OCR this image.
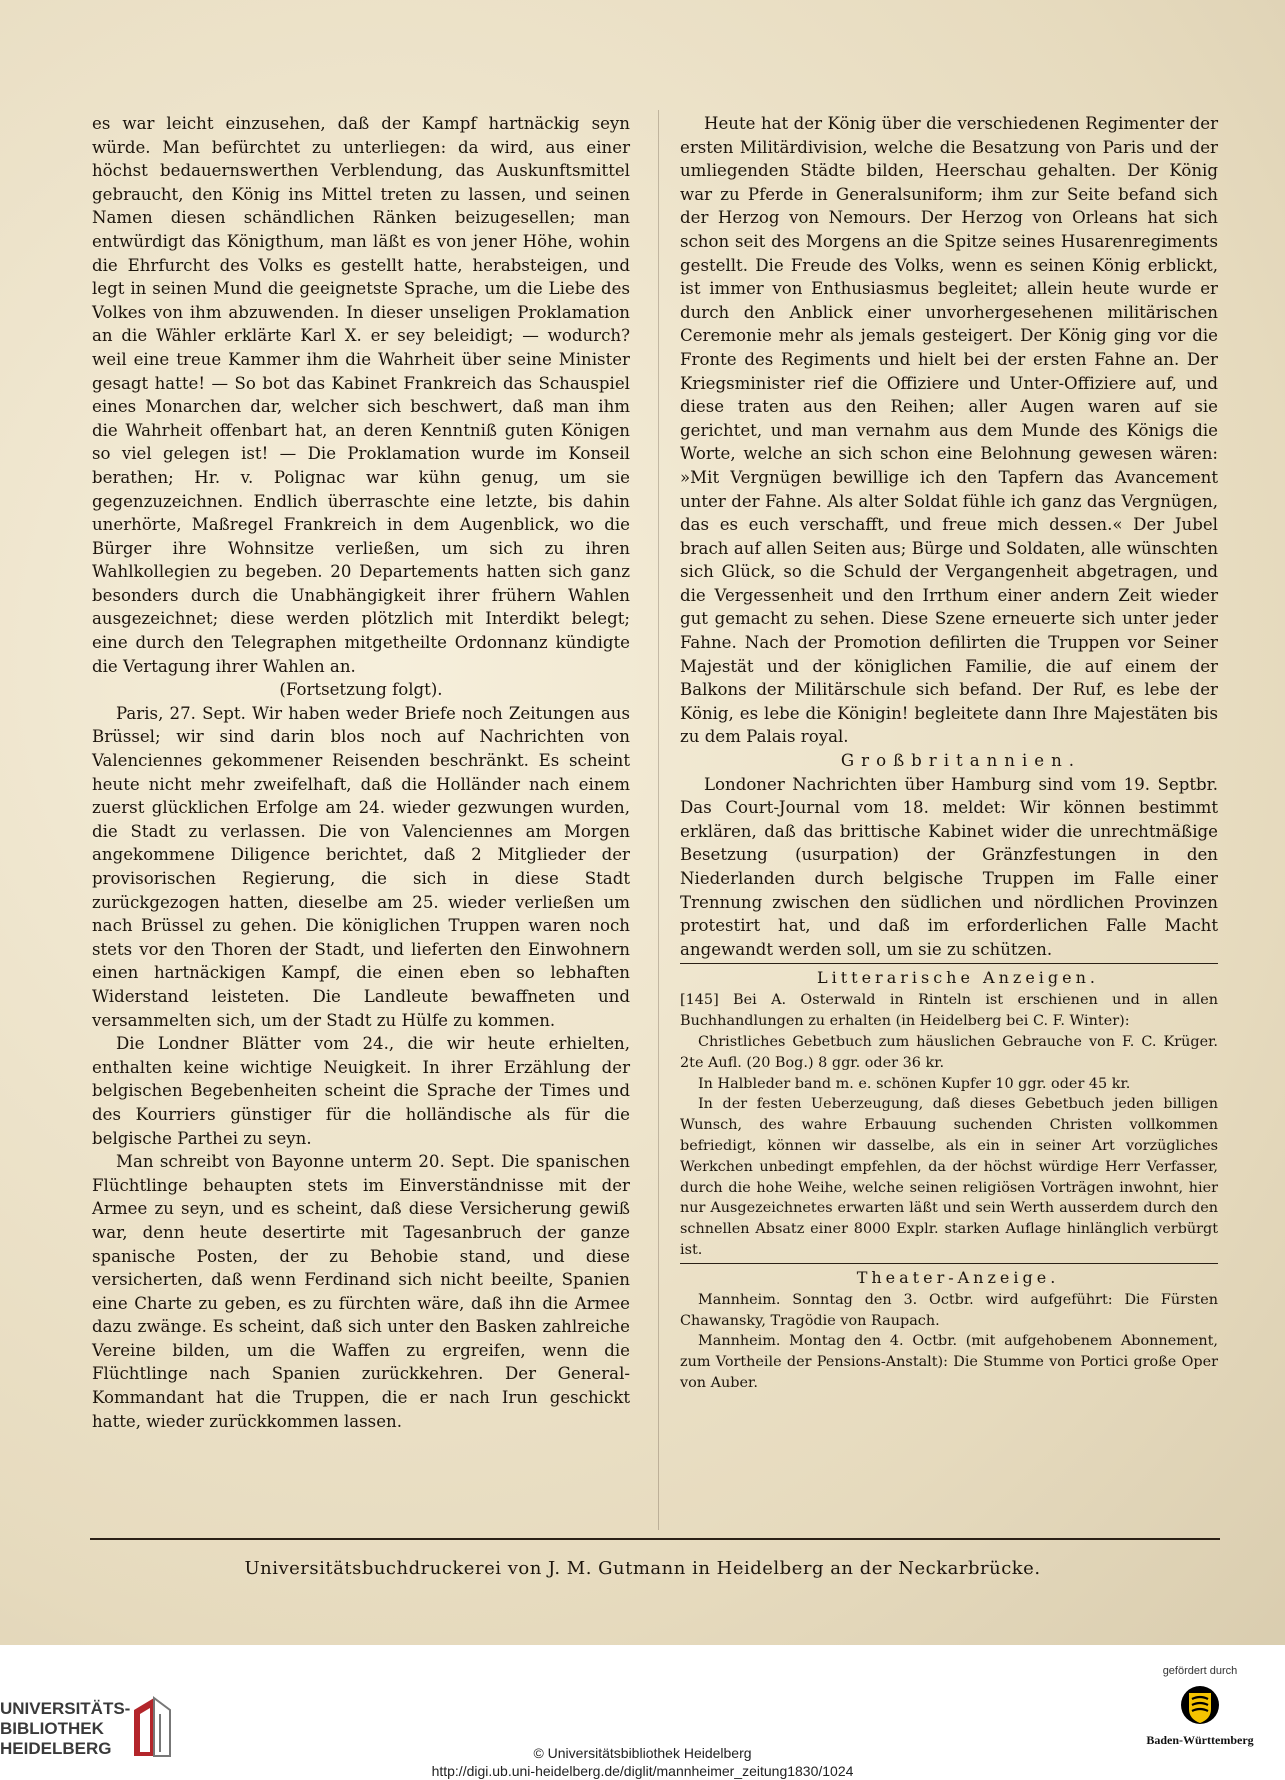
es war leicht einzusehen, daß der Kampf hartnäckig seyn würde. Man befürchtet zu unterliegen: da wird, aus einer höchst bedauernswerthen Verblendung, das Auskunftsmittel gebraucht, den König ins Mittel treten zu lassen, und seinen Namen diesen schändlichen Ränken beizugesellen; man entwürdigt das Königthum, man läßt es von jener Höhe, wohin die Ehrfurcht des Volks es gestellt hatte, herabsteigen, und legt in seinen Mund die geeignetste Sprache, um die Liebe des Volkes von ihm abzuwenden. In dieser unseligen Proklamation an die Wähler erklärte Karl X. er sey beleidigt; — wodurch? weil eine treue Kammer ihm die Wahrheit über seine Minister gesagt hatte! — So bot das Kabinet Frankreich das Schauspiel eines Monarchen dar, welcher sich beschwert, daß man ihm die Wahrheit offenbart hat, an deren Kenntniß guten Königen so viel gelegen ist! — Die Proklamation wurde im Konseil berathen; Hr. v. Polignac war kühn genug, um sie gegenzuzeichnen. Endlich überraschte eine letzte, bis dahin unerhörte, Maßregel Frankreich in dem Augenblick, wo die Bürger ihre Wohnsitze verließen, um sich zu ihren Wahlkollegien zu begeben. 20 Departements hatten sich ganz besonders durch die Unabhängigkeit ihrer frühern Wahlen ausgezeichnet; diese werden plötzlich mit Interdikt belegt; eine durch den Telegraphen mitgetheilte Ordonnanz kündigte die Vertagung ihrer Wahlen an.

(Fortsetzung folgt).

Paris, 27. Sept. Wir haben weder Briefe noch Zeitungen aus Brüssel; wir sind darin blos noch auf Nachrichten von Valenciennes gekommener Reisenden beschränkt. Es scheint heute nicht mehr zweifelhaft, daß die Holländer nach einem zuerst glücklichen Erfolge am 24. wieder gezwungen wurden, die Stadt zu verlassen. Die von Valenciennes am Morgen angekommene Diligence berichtet, daß 2 Mitglieder der provisorischen Regierung, die sich in diese Stadt zurückgezogen hatten, dieselbe am 25. wieder verließen um nach Brüssel zu gehen. Die königlichen Truppen waren noch stets vor den Thoren der Stadt, und lieferten den Einwohnern einen hartnäckigen Kampf, die einen eben so lebhaften Widerstand leisteten. Die Landleute bewaffneten und versammelten sich, um der Stadt zu Hülfe zu kommen.

Die Londner Blätter vom 24., die wir heute erhielten, enthalten keine wichtige Neuigkeit. In ihrer Erzählung der belgischen Begebenheiten scheint die Sprache der Times und des Kourriers günstiger für die holländische als für die belgische Parthei zu seyn.

Man schreibt von Bayonne unterm 20. Sept. Die spanischen Flüchtlinge behaupten stets im Einverständnisse mit der Armee zu seyn, und es scheint, daß diese Versicherung gewiß war, denn heute desertirte mit Tagesanbruch der ganze spanische Posten, der zu Behobie stand, und diese versicherten, daß wenn Ferdinand sich nicht beeilte, Spanien eine Charte zu geben, es zu fürchten wäre, daß ihn die Armee dazu zwänge. Es scheint, daß sich unter den Basken zahlreiche Vereine bilden, um die Waffen zu ergreifen, wenn die Flüchtlinge nach Spanien zurückkehren. Der General-Kommandant hat die Truppen, die er nach Irun geschickt hatte, wieder zurückkommen lassen.

Heute hat der König über die verschiedenen Regimenter der ersten Militärdivision, welche die Besatzung von Paris und der umliegenden Städte bilden, Heerschau gehalten. Der König war zu Pferde in Generalsuniform; ihm zur Seite befand sich der Herzog von Nemours. Der Herzog von Orleans hat sich schon seit des Morgens an die Spitze seines Husarenregiments gestellt. Die Freude des Volks, wenn es seinen König erblickt, ist immer von Enthusiasmus begleitet; allein heute wurde er durch den Anblick einer unvorhergesehenen militärischen Ceremonie mehr als jemals gesteigert. Der König ging vor die Fronte des Regiments und hielt bei der ersten Fahne an. Der Kriegsminister rief die Offiziere und Unter-Offiziere auf, und diese traten aus den Reihen; aller Augen waren auf sie gerichtet, und man vernahm aus dem Munde des Königs die Worte, welche an sich schon eine Belohnung gewesen wären: »Mit Vergnügen bewillige ich den Tapfern das Avancement unter der Fahne. Als alter Soldat fühle ich ganz das Vergnügen, das es euch verschafft, und freue mich dessen.« Der Jubel brach auf allen Seiten aus; Bürge und Soldaten, alle wünschten sich Glück, so die Schuld der Vergangenheit abgetragen, und die Vergessenheit und den Irrthum einer andern Zeit wieder gut gemacht zu sehen. Diese Szene erneuerte sich unter jeder Fahne. Nach der Promotion defilirten die Truppen vor Seiner Majestät und der königlichen Familie, die auf einem der Balkons der Militärschule sich befand. Der Ruf, es lebe der König, es lebe die Königin! begleitete dann Ihre Majestäten bis zu dem Palais royal.

Großbritannien.

Londoner Nachrichten über Hamburg sind vom 19. Septbr. Das Court-Journal vom 18. meldet: Wir können bestimmt erklären, daß das brittische Kabinet wider die unrechtmäßige Besetzung (usurpation) der Gränzfestungen in den Niederlanden durch belgische Truppen im Falle einer Trennung zwischen den südlichen und nördlichen Provinzen protestirt hat, und daß im erforderlichen Falle Macht angewandt werden soll, um sie zu schützen.

Litterarische Anzeigen.

[145] Bei A. Osterwald in Rinteln ist erschienen und in allen Buchhandlungen zu erhalten (in Heidelberg bei C. F. Winter):

Christliches Gebetbuch zum häuslichen Gebrauche von F. C. Krüger. 2te Aufl. (20 Bog.) 8 ggr. oder 36 kr.

In Halbleder band m. e. schönen Kupfer 10 ggr. oder 45 kr.

In der festen Ueberzeugung, daß dieses Gebetbuch jeden billigen Wunsch, des wahre Erbauung suchenden Christen vollkommen befriedigt, können wir dasselbe, als ein in seiner Art vorzügliches Werkchen unbedingt empfehlen, da der höchst würdige Herr Verfasser, durch die hohe Weihe, welche seinen religiösen Vorträgen inwohnt, hier nur Ausgezeichnetes erwarten läßt und sein Werth ausserdem durch den schnellen Absatz einer 8000 Explr. starken Auflage hinlänglich verbürgt ist.

Theater-Anzeige.

Mannheim. Sonntag den 3. Octbr. wird aufgeführt: Die Fürsten Chawansky, Tragödie von Raupach.

Mannheim. Montag den 4. Octbr. (mit aufgehobenem Abonnement, zum Vortheile der Pensions-Anstalt): Die Stumme von Portici große Oper von Auber.

Universitätsbuchdruckerei von J. M. Gutmann in Heidelberg an der Neckarbrücke.
UNIVERSITÄTS-
BIBLIOTHEK
HEIDELBERG	© Universitätsbibliothek Heidelberg
http://digi.ub.uni-heidelberg.de/diglit/mannheimer_zeitung1830/1024
gefördert durch
Baden-Württemberg
